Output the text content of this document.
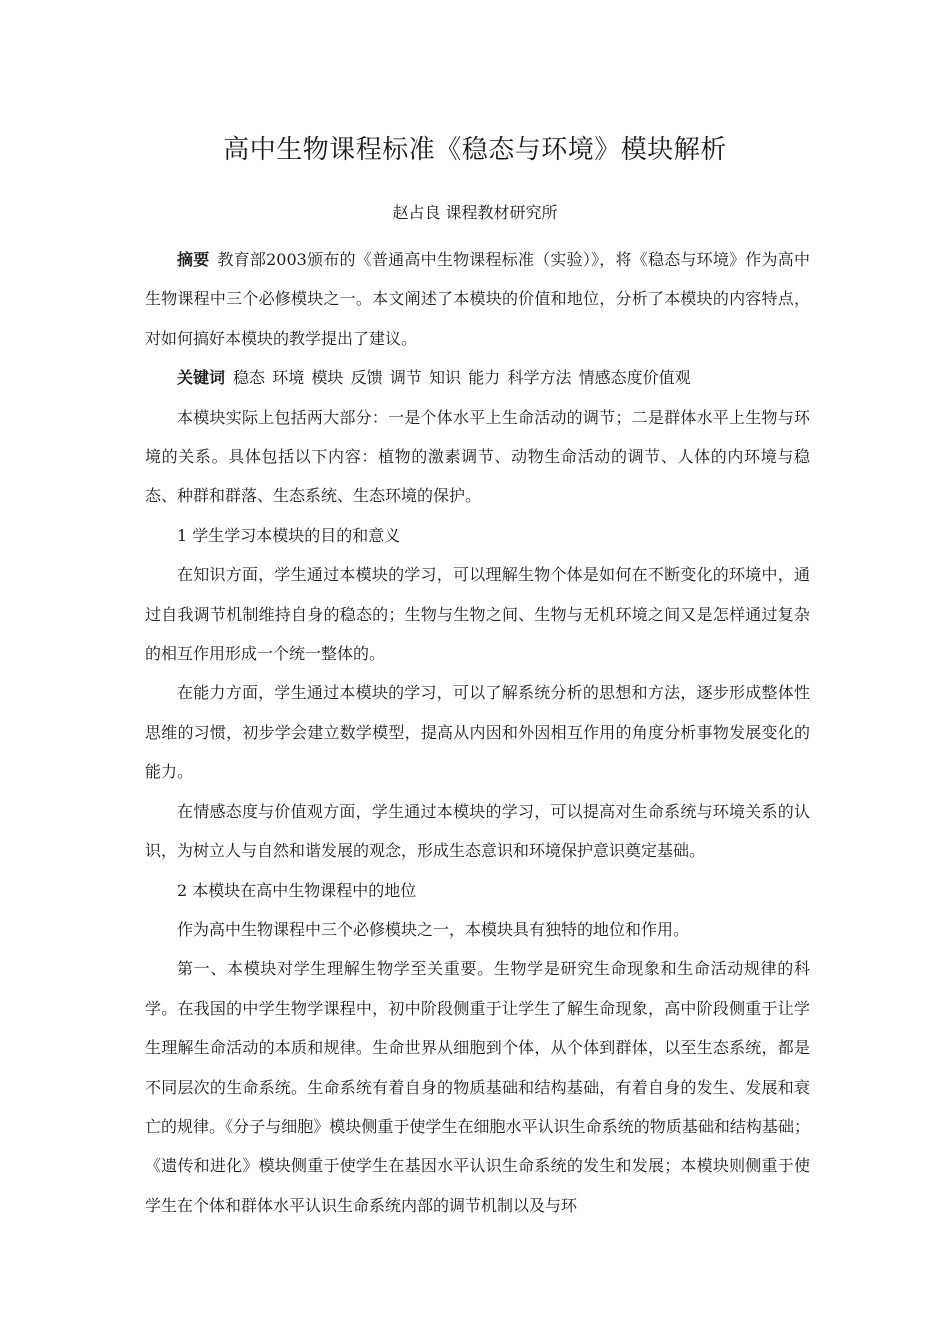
高中生物课程标准《稳态与环境》模块解析
赵占良 课程教材研究所

摘要 教育部2003颁布的《普通高中生物课程标准（实验）》，将《稳态与环境》作为高中生物课程中三个必修模块之一。本文阐述了本模块的价值和地位，分析了本模块的内容特点，对如何搞好本模块的教学提出了建议。

关键词 稳态 环境 模块 反馈 调节 知识 能力 科学方法 情感态度价值观

本模块实际上包括两大部分：一是个体水平上生命活动的调节；二是群体水平上生物与环境的关系。具体包括以下内容：植物的激素调节、动物生命活动的调节、人体的内环境与稳态、种群和群落、生态系统、生态环境的保护。

1 学生学习本模块的目的和意义

在知识方面，学生通过本模块的学习，可以理解生物个体是如何在不断变化的环境中，通过自我调节机制维持自身的稳态的；生物与生物之间、生物与无机环境之间又是怎样通过复杂的相互作用形成一个统一整体的。

在能力方面，学生通过本模块的学习，可以了解系统分析的思想和方法，逐步形成整体性思维的习惯，初步学会建立数学模型，提高从内因和外因相互作用的角度分析事物发展变化的能力。

在情感态度与价值观方面，学生通过本模块的学习，可以提高对生命系统与环境关系的认识，为树立人与自然和谐发展的观念，形成生态意识和环境保护意识奠定基础。

2 本模块在高中生物课程中的地位

作为高中生物课程中三个必修模块之一，本模块具有独特的地位和作用。

第一、本模块对学生理解生物学至关重要。生物学是研究生命现象和生命活动规律的科学。在我国的中学生物学课程中，初中阶段侧重于让学生了解生命现象，高中阶段侧重于让学生理解生命活动的本质和规律。生命世界从细胞到个体，从个体到群体，以至生态系统，都是不同层次的生命系统。生命系统有着自身的物质基础和结构基础，有着自身的发生、发展和衰亡的规律。《分子与细胞》模块侧重于使学生在细胞水平认识生命系统的物质基础和结构基础；《遗传和进化》模块侧重于使学生在基因水平认识生命系统的发生和发展；本模块则侧重于使学生在个体和群体水平认识生命系统内部的调节机制以及与环
